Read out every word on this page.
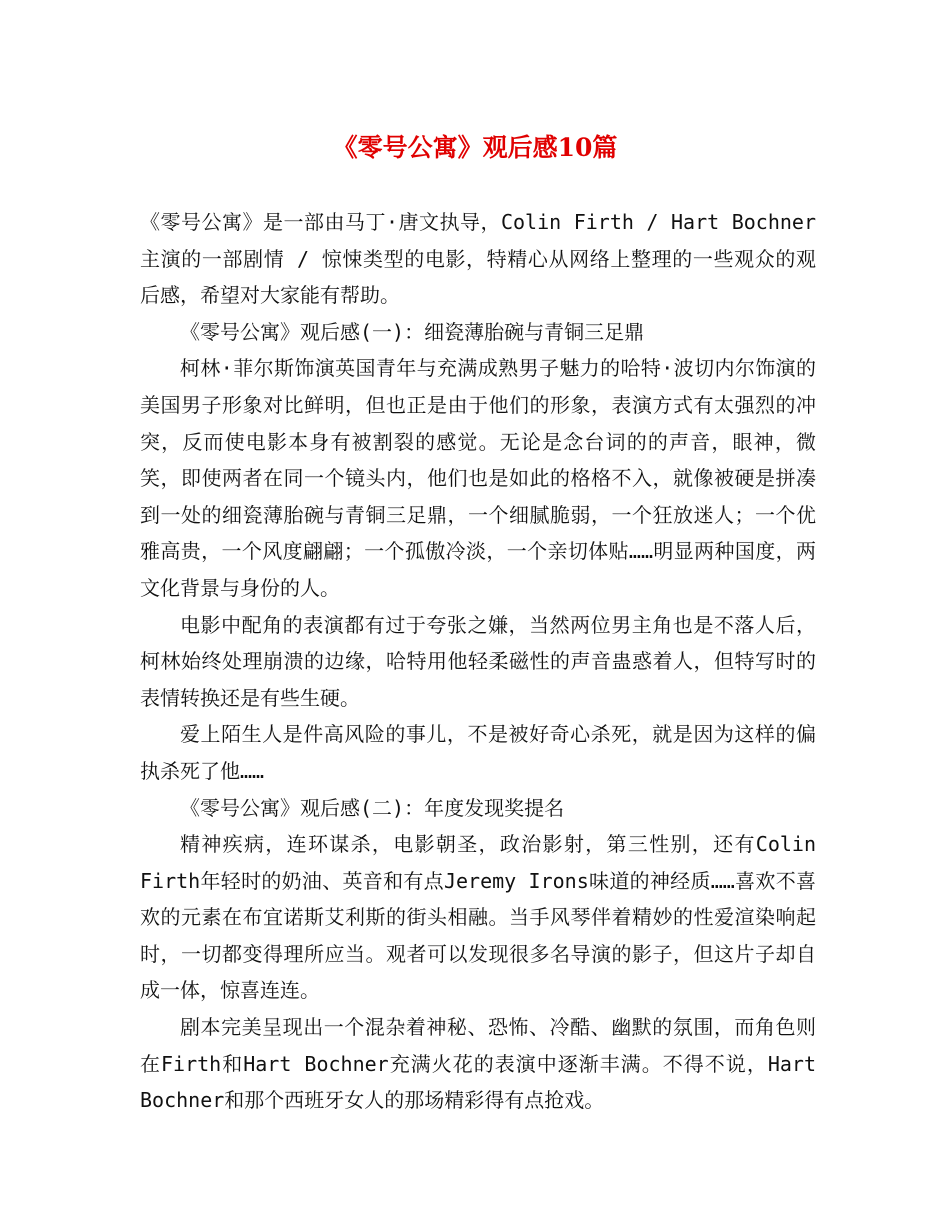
《零号公寓》观后感10篇

《零号公寓》是一部由马丁·唐文执导，Colin Firth / Hart Bochner主演的一部剧情 / 惊悚类型的电影，特精心从网络上整理的一些观众的观后感，希望对大家能有帮助。

《零号公寓》观后感(一)：细瓷薄胎碗与青铜三足鼎

柯林·菲尔斯饰演英国青年与充满成熟男子魅力的哈特·波切内尔饰演的美国男子形象对比鲜明，但也正是由于他们的形象，表演方式有太强烈的冲突，反而使电影本身有被割裂的感觉。无论是念台词的的声音，眼神，微笑，即使两者在同一个镜头内，他们也是如此的格格不入，就像被硬是拼凑到一处的细瓷薄胎碗与青铜三足鼎，一个细腻脆弱，一个狂放迷人；一个优雅高贵，一个风度翩翩；一个孤傲冷淡，一个亲切体贴……明显两种国度，两文化背景与身份的人。

电影中配角的表演都有过于夸张之嫌，当然两位男主角也是不落人后，柯林始终处理崩溃的边缘，哈特用他轻柔磁性的声音蛊惑着人，但特写时的表情转换还是有些生硬。

爱上陌生人是件高风险的事儿，不是被好奇心杀死，就是因为这样的偏执杀死了他……

《零号公寓》观后感(二)：年度发现奖提名

精神疾病，连环谋杀，电影朝圣，政治影射，第三性别，还有Colin Firth年轻时的奶油、英音和有点Jeremy Irons味道的神经质……喜欢不喜欢的元素在布宜诺斯艾利斯的街头相融。当手风琴伴着精妙的性爱渲染响起时，一切都变得理所应当。观者可以发现很多名导演的影子，但这片子却自成一体，惊喜连连。

剧本完美呈现出一个混杂着神秘、恐怖、冷酷、幽默的氛围，而角色则在Firth和Hart Bochner充满火花的表演中逐渐丰满。不得不说，Hart Bochner和那个西班牙女人的那场精彩得有点抢戏。
